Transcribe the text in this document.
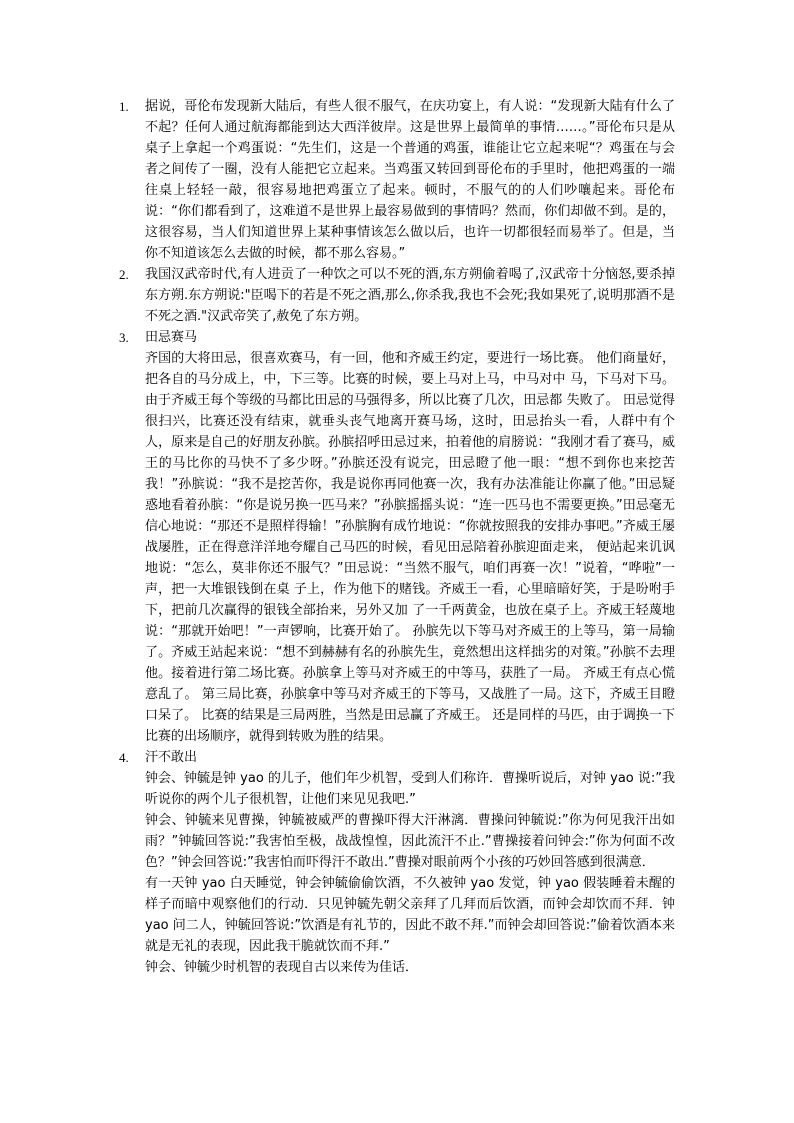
1. 据说，哥伦布发现新大陆后，有些人很不服气，在庆功宴上，有人说：“发现新大陆有什么了不起？任何人通过航海都能到达大西洋彼岸。这是世界上最简单的事情……。”哥伦布只是从桌子上拿起一个鸡蛋说：“先生们，这是一个普通的鸡蛋，谁能让它立起来呢“？鸡蛋在与会者之间传了一圈，没有人能把它立起来。当鸡蛋又转回到哥伦布的手里时，他把鸡蛋的一端往桌上轻轻一敲，很容易地把鸡蛋立了起来。顿时，不服气的的人们吵嚷起来。哥伦布说：“你们都看到了，这难道不是世界上最容易做到的事情吗？然而，你们却做不到。是的，这很容易，当人们知道世界上某种事情该怎么做以后，也许一切都很轻而易举了。但是，当你不知道该怎么去做的时候，都不那么容易。”

2. 我国汉武帝时代,有人进贡了一种饮之可以不死的酒,东方朔偷着喝了,汉武帝十分恼怒,要杀掉东方朔.东方朔说:"臣喝下的若是不死之酒,那么,你杀我,我也不会死;我如果死了,说明那酒不是不死之酒."汉武帝笑了,赦免了东方朔。

3. 田忌赛马

齐国的大将田忌，很喜欢赛马，有一回，他和齐威王约定，要进行一场比赛。 他们商量好，把各自的马分成上，中，下三等。比赛的时候，要上马对上马，中马对中 马，下马对下马。由于齐威王每个等级的马都比田忌的马强得多，所以比赛了几次，田忌都 失败了。 田忌觉得很扫兴，比赛还没有结束，就垂头丧气地离开赛马场，这时，田忌抬头一看，人群中有个人，原来是自己的好朋友孙膑。孙膑招呼田忌过来，拍着他的肩膀说：“我刚才看了赛马，威王的马比你的马快不了多少呀。”孙膑还没有说完，田忌瞪了他一眼：“想不到你也来挖苦我！”孙膑说：“我不是挖苦你，我是说你再同他赛一次，我有办法准能让你赢了他。”田忌疑惑地看着孙膑：“你是说另换一匹马来？”孙膑摇摇头说：“连一匹马也不需要更换。”田忌毫无信心地说：“那还不是照样得输！”孙膑胸有成竹地说：“你就按照我的安排办事吧。”齐威王屡战屡胜，正在得意洋洋地夸耀自己马匹的时候，看见田忌陪着孙膑迎面走来， 便站起来讥讽地说：“怎么，莫非你还不服气？”田忌说：“当然不服气，咱们再赛一次！”说着，“哗啦”一声，把一大堆银钱倒在桌 子上，作为他下的赌钱。齐威王一看，心里暗暗好笑，于是吩咐手下，把前几次赢得的银钱全部抬来，另外又加 了一千两黄金，也放在桌子上。齐威王轻蔑地说：“那就开始吧！”一声锣响，比赛开始了。 孙膑先以下等马对齐威王的上等马，第一局输了。齐威王站起来说：“想不到赫赫有名的孙膑先生，竟然想出这样拙劣的对策。”孙膑不去理他。接着进行第二场比赛。孙膑拿上等马对齐威王的中等马，获胜了一局。 齐威王有点心慌意乱了。 第三局比赛，孙膑拿中等马对齐威王的下等马，又战胜了一局。这下，齐威王目瞪口呆了。 比赛的结果是三局两胜，当然是田忌赢了齐威王。 还是同样的马匹，由于调换一下比赛的出场顺序，就得到转败为胜的结果。

4. 汗不敢出

钟会、钟毓是钟 yao 的儿子，他们年少机智，受到人们称许．曹操听说后，对钟 yao 说:”我听说你的两个儿子很机智，让他们来见见我吧.”

钟会、钟毓来见曹操，钟毓被威严的曹操吓得大汗淋漓．曹操问钟毓说:”你为何见我汗出如雨？”钟毓回答说:”我害怕至极，战战惶惶，因此流汗不止.”曹操接着问钟会:”你为何面不改色？”钟会回答说:”我害怕而吓得汗不敢出.”曹操对眼前两个小孩的巧妙回答感到很满意．

有一天钟 yao 白天睡觉，钟会钟毓偷偷饮酒，不久被钟 yao 发觉，钟 yao 假装睡着未醒的样子而暗中观察他们的行动．只见钟毓先朝父亲拜了几拜而后饮酒，而钟会却饮而不拜．钟 yao 问二人，钟毓回答说:”饮酒是有礼节的，因此不敢不拜.”而钟会却回答说:”偷着饮酒本来就是无礼的表现，因此我干脆就饮而不拜.”

钟会、钟毓少时机智的表现自古以来传为佳话．
